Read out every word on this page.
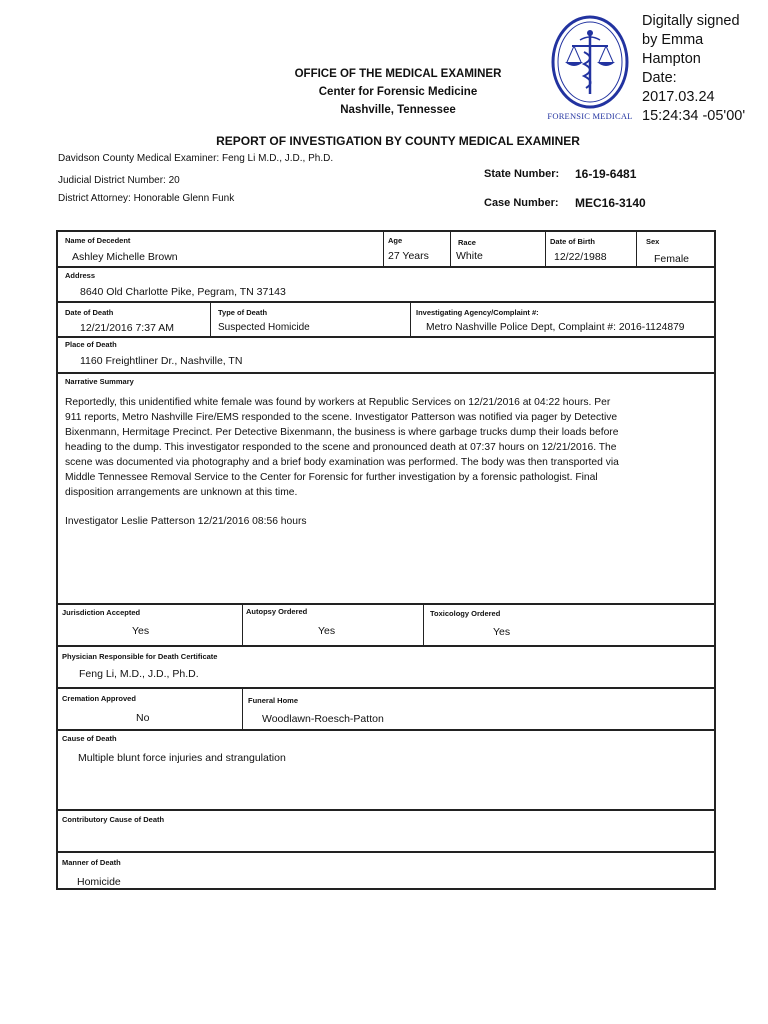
OFFICE OF THE MEDICAL EXAMINER
Center for Forensic Medicine
Nashville, Tennessee	FORENSIC MEDICAL
Digitally signed
by Emma
Hampton
Date:
2017.03.24
15:24:34 -05'00'
REPORT OF INVESTIGATION BY COUNTY MEDICAL EXAMINER
Davidson County Medical Examiner: Feng Li M.D., J.D., Ph.D.
Judicial District Number: 20
District Attorney: Honorable Glenn Funk
State Number: 16-19-6481
Case Number: MEC16-3140
Name of Decedent
Ashley Michelle Brown
Age
27 Years
Race
White
Date of Birth
12/22/1988
Sex
Female
Address
8640 Old Charlotte Pike, Pegram, TN 37143
Date of Death
12/21/2016 7:37 AM
Type of Death
Suspected Homicide
Investigating Agency/Complaint #:
Metro Nashville Police Dept, Complaint #: 2016-1124879
Place of Death
1160 Freightliner Dr., Nashville, TN
Narrative Summary
Reportedly, this unidentified white female was found by workers at Republic Services on 12/21/2016 at 04:22 hours. Per
911 reports, Metro Nashville Fire/EMS responded to the scene. Investigator Patterson was notified via pager by Detective
Bixenmann, Hermitage Precinct. Per Detective Bixenmann, the business is where garbage trucks dump their loads before
heading to the dump. This investigator responded to the scene and pronounced death at 07:37 hours on 12/21/2016. The
scene was documented via photography and a brief body examination was performed. The body was then transported via
Middle Tennessee Removal Service to the Center for Forensic for further investigation by a forensic pathologist. Final
disposition arrangements are unknown at this time.
Investigator Leslie Patterson 12/21/2016 08:56 hours
Jurisdiction Accepted
Yes
Autopsy Ordered
Yes
Toxicology Ordered
Yes
Physician Responsible for Death Certificate
Feng Li, M.D., J.D., Ph.D.
Cremation Approved
No
Funeral Home
Woodlawn-Roesch-Patton
Cause of Death
Multiple blunt force injuries and strangulation
Contributory Cause of Death
Manner of Death
Homicide
